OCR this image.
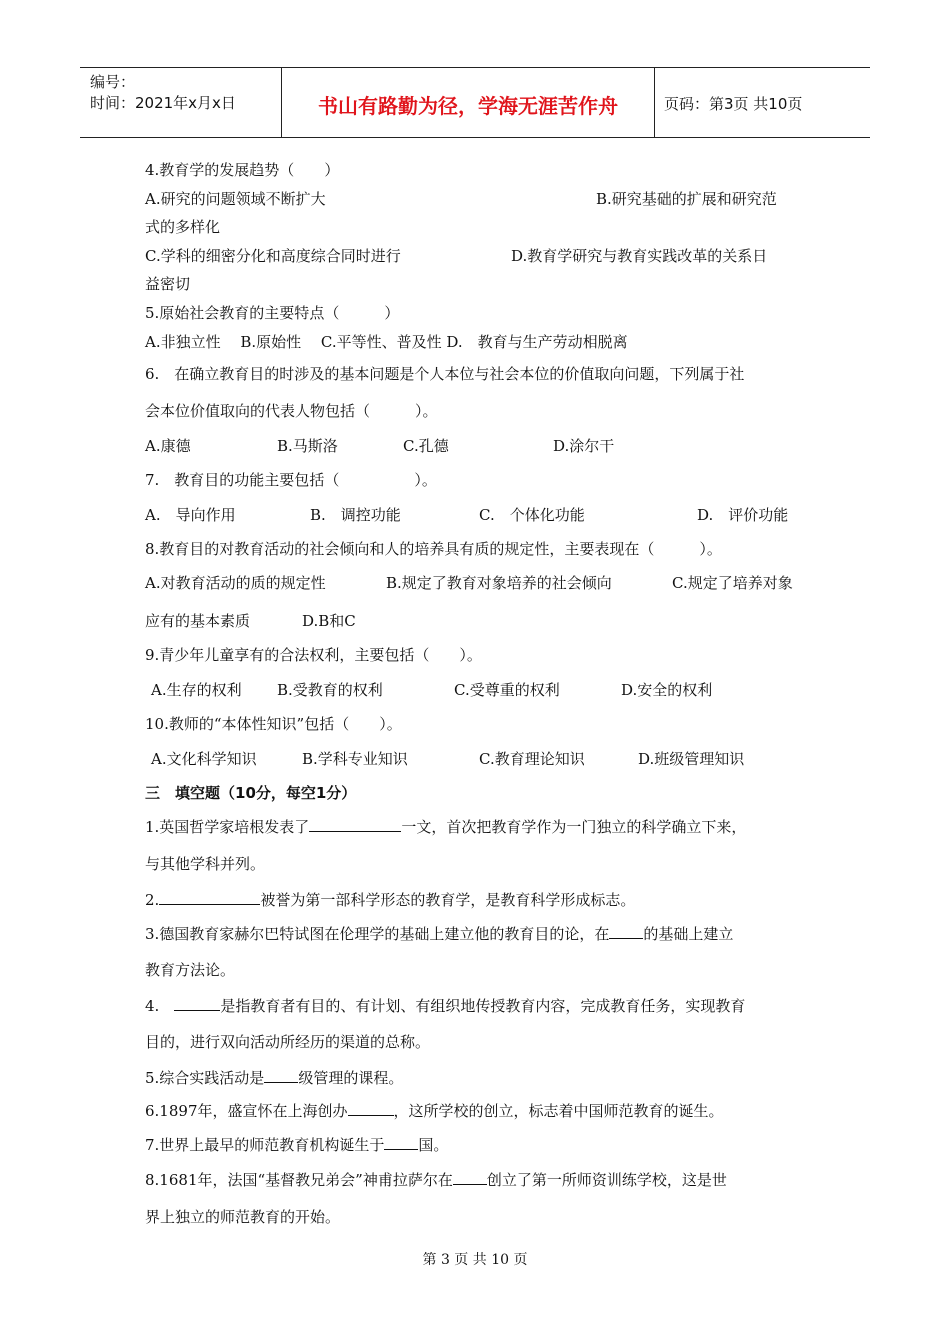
编号：
时间：2021年x月x日	书山有路勤为径，学海无涯苦作舟	页码：第3页 共10页
4.教育学的发展趋势（　　）
A.研究的问题领域不断扩大	B.研究基础的扩展和研究范
式的多样化
C.学科的细密分化和高度综合同时进行	D.教育学研究与教育实践改革的关系日
益密切
5.原始社会教育的主要特点（　　　）
A.非独立性　 B.原始性　 C.平等性、普及性 D.　教育与生产劳动相脱离
6.　在确立教育目的时涉及的基本问题是个人本位与社会本位的价值取向问题，下列属于社
会本位价值取向的代表人物包括（　　　）。
A.康德	B.马斯洛	C.孔德	D.涂尔干
7.　教育目的功能主要包括（　　　　　）。
A.　导向作用	B.　调控功能	C.　个体化功能	D.　评价功能
8.教育目的对教育活动的社会倾向和人的培养具有质的规定性，主要表现在（　　　）。
A.对教育活动的质的规定性	B.规定了教育对象培养的社会倾向	C.规定了培养对象
应有的基本素质	D.B和C
9.青少年儿童享有的合法权利，主要包括（　　）。
A.生存的权利 B.受教育的权利	C.受尊重的权利	D.安全的权利
10.教师的“本体性知识”包括（　　）。
A.文化科学知识	B.学科专业知识	C.教育理论知识	D.班级管理知识
三　填空题（10分，每空1分）
1.英国哲学家培根发表了	一文，首次把教育学作为一门独立的科学确立下来，
与其他学科并列。
2.	被誉为第一部科学形态的教育学，是教育科学形成标志。
3.德国教育家赫尔巴特试图在伦理学的基础上建立他的教育目的论，在 的基础上建立
教育方法论。
4.　	是指教育者有目的、有计划、有组织地传授教育内容，完成教育任务，实现教育
目的，进行双向活动所经历的渠道的总称。
5.综合实践活动是 级管理的课程。
6.1897年，盛宣怀在上海创办	，这所学校的创立，标志着中国师范教育的诞生。
7.世界上最早的师范教育机构诞生于 国。
8.1681年，法国“基督教兄弟会”神甫拉萨尔在 创立了第一所师资训练学校，这是世
界上独立的师范教育的开始。
第 3 页 共 10 页
